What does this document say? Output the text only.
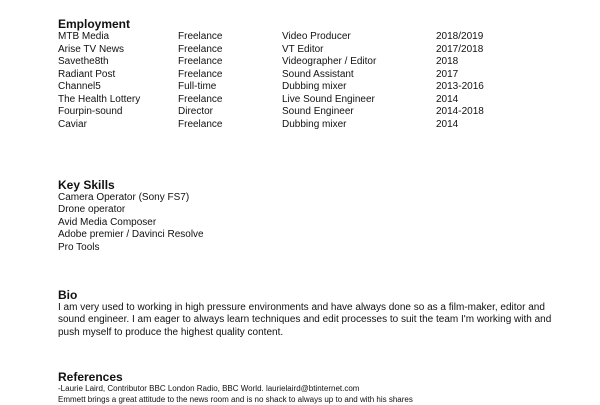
Employment
MTB Media	Freelance	Video Producer	2018/2019
Arise TV News	Freelance	VT Editor	2017/2018
Savethe8th	Freelance	Videographer / Editor	2018
Radiant Post	Freelance	Sound Assistant	2017
Channel5	Full-time	Dubbing mixer	2013-2016
The Health Lottery	Freelance	Live Sound Engineer	2014
Fourpin-sound	Director	Sound Engineer	2014-2018
Caviar	Freelance	Dubbing mixer	2014
Key Skills
Camera Operator (Sony FS7)
Drone operator
Avid Media Composer
Adobe premier / Davinci Resolve
Pro Tools
Bio
I am very used to working in high pressure environments and have always done so as a film-maker, editor and sound engineer. I am eager to always learn techniques and edit processes to suit the team I'm working with and push myself to produce the highest quality content.
References
-Laurie Laird, Contributor BBC London Radio, BBC World. laurielaird@btinternet.com
Emmett brings a great attitude to the news room and is no shack to always up to and with his shares
